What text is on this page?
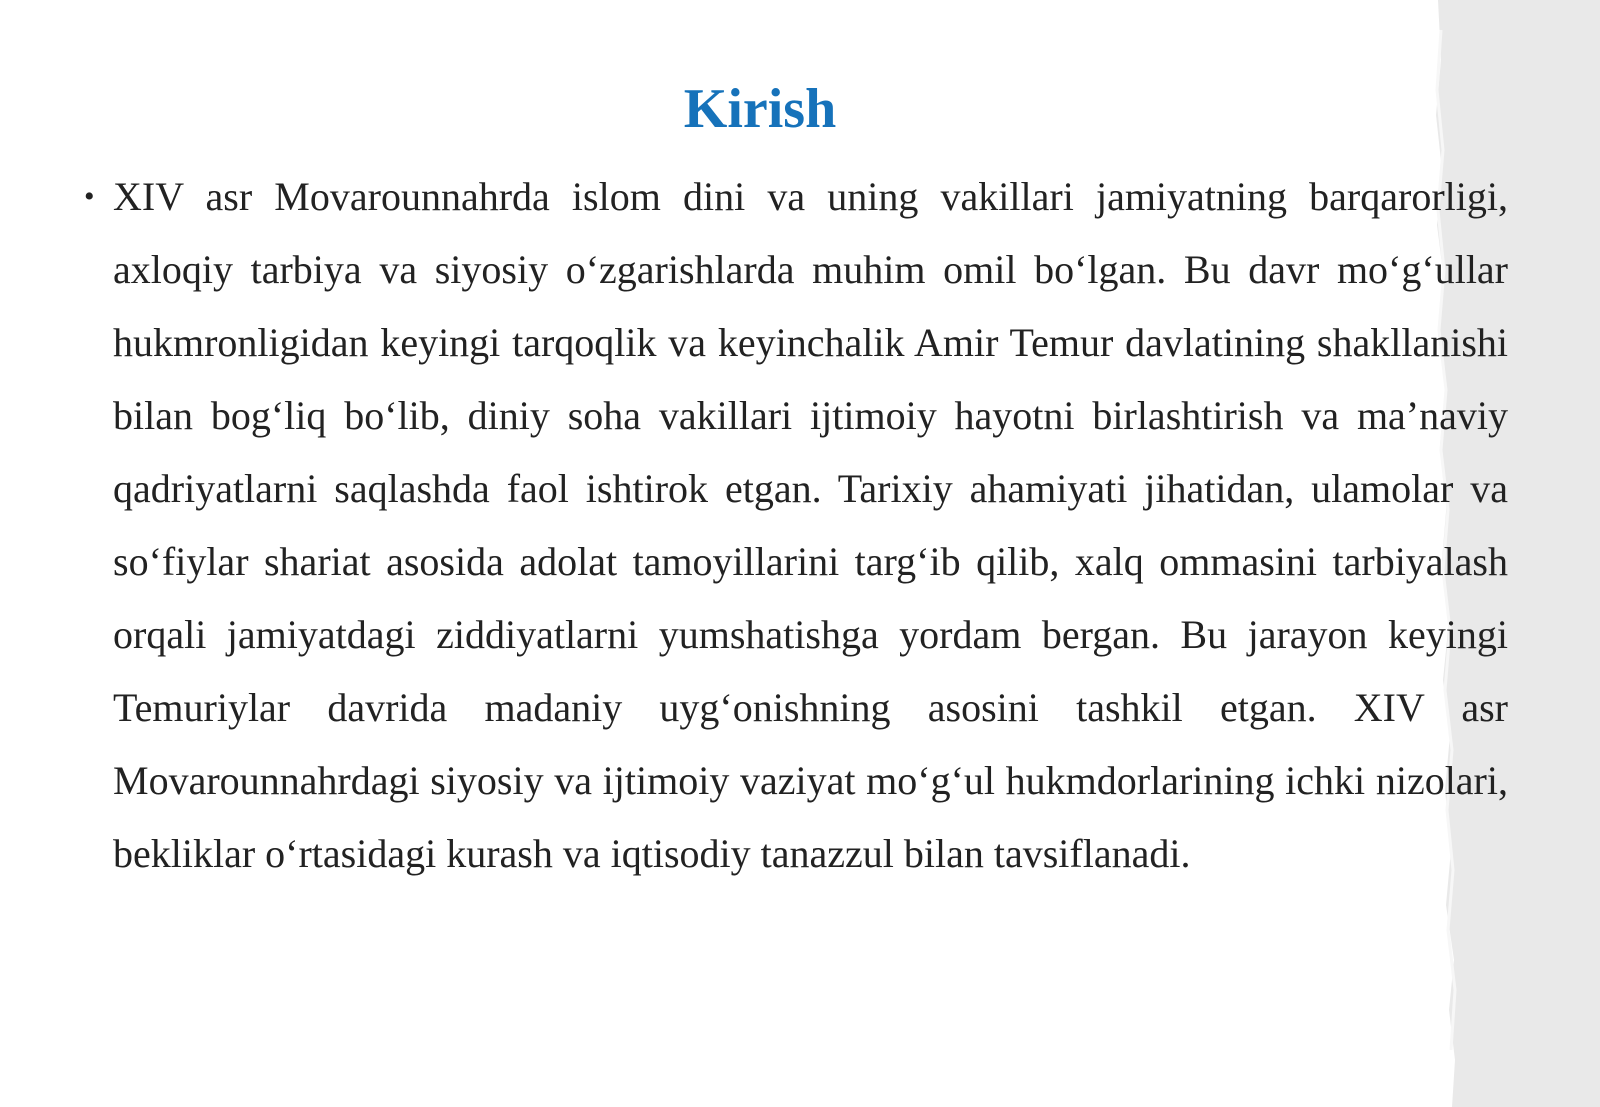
Kirish
• XIV asr Movarounnahrda islom dini va uning vakillari jamiyatning barqarorligi, axloqiy tarbiya va siyosiy o‘zgarishlarda muhim omil bo‘lgan. Bu davr mo‘g‘ullar hukmronligidan keyingi tarqoqlik va keyinchalik Amir Temur davlatining shakllanishi bilan bog‘liq bo‘lib, diniy soha vakillari ijtimoiy hayotni birlashtirish va ma’naviy qadriyatlarni saqlashda faol ishtirok etgan. Tarixiy ahamiyati jihatidan, ulamolar va so‘fiylar shariat asosida adolat tamoyillarini targ‘ib qilib, xalq ommasini tarbiyalash orqali jamiyatdagi ziddiyatlarni yumshatishga yordam bergan. Bu jarayon keyingi Temuriylar davrida madaniy uyg‘onishning asosini tashkil etgan. XIV asr Movarounnahrdagi siyosiy va ijtimoiy vaziyat mo‘g‘ul hukmdorlarining ichki nizolari, bekliklar o‘rtasidagi kurash va iqtisodiy tanazzul bilan tavsiflanadi.
